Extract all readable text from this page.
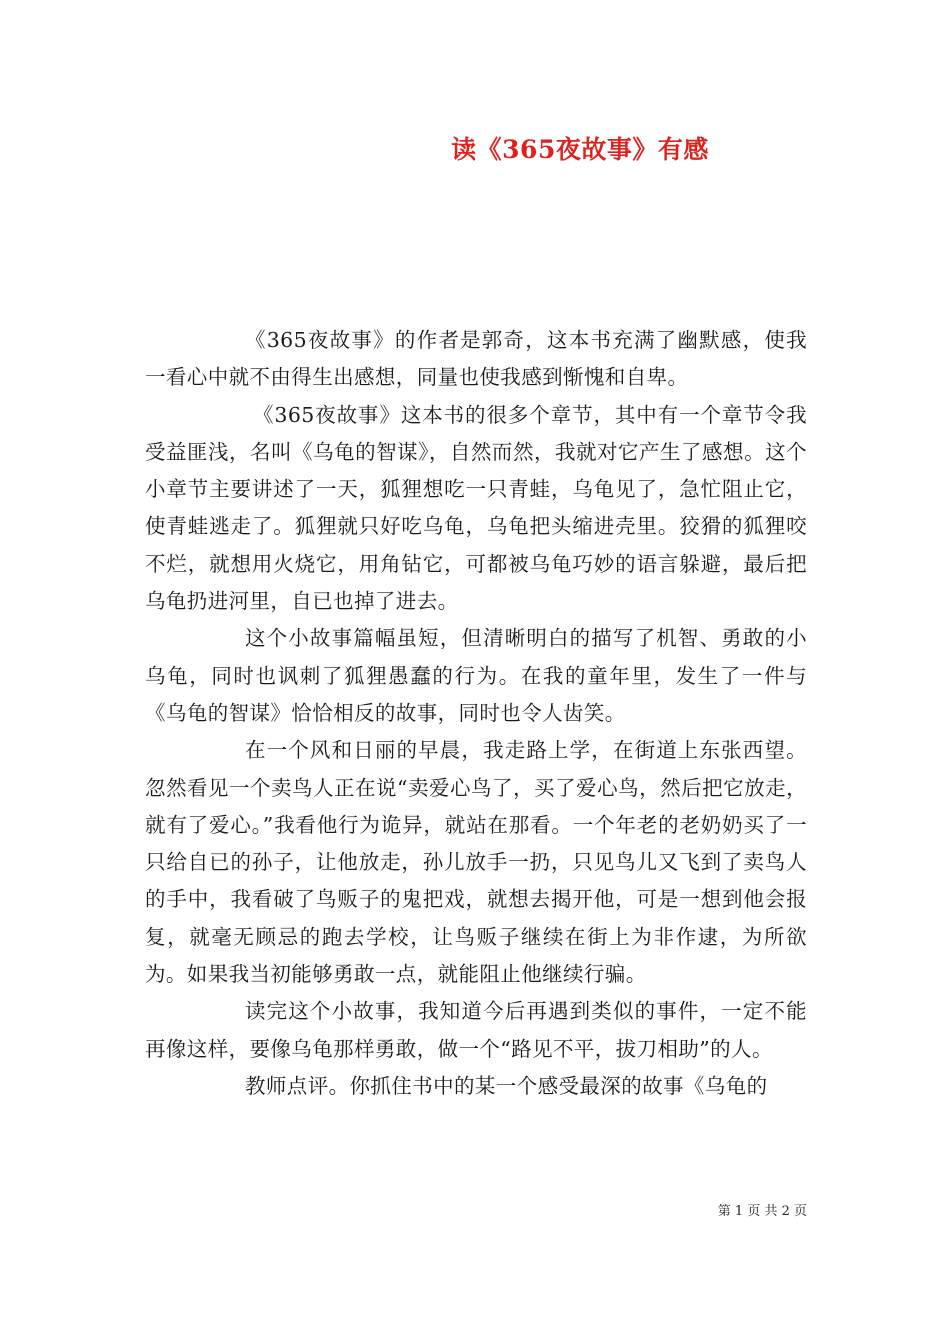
读《365夜故事》有感

《365夜故事》的作者是郭奇，这本书充满了幽默感，使我一看心中就不由得生出感想，同量也使我感到惭愧和自卑。

《365夜故事》这本书的很多个章节，其中有一个章节令我受益匪浅，名叫《乌龟的智谋》，自然而然，我就对它产生了感想。这个小章节主要讲述了一天，狐狸想吃一只青蛙，乌龟见了，急忙阻止它，使青蛙逃走了。狐狸就只好吃乌龟，乌龟把头缩进壳里。狡猾的狐狸咬不烂，就想用火烧它，用角钻它，可都被乌龟巧妙的语言躲避，最后把乌龟扔进河里，自已也掉了进去。

这个小故事篇幅虽短，但清晰明白的描写了机智、勇敢的小乌龟，同时也讽刺了狐狸愚蠢的行为。在我的童年里，发生了一件与《乌龟的智谋》恰恰相反的故事，同时也令人齿笑。

在一个风和日丽的早晨，我走路上学，在街道上东张西望。忽然看见一个卖鸟人正在说“卖爱心鸟了，买了爱心鸟，然后把它放走，就有了爱心。”我看他行为诡异，就站在那看。一个年老的老奶奶买了一只给自已的孙子，让他放走，孙儿放手一扔，只见鸟儿又飞到了卖鸟人的手中，我看破了鸟贩子的鬼把戏，就想去揭开他，可是一想到他会报复，就毫无顾忌的跑去学校，让鸟贩子继续在街上为非作逮，为所欲为。如果我当初能够勇敢一点，就能阻止他继续行骗。

读完这个小故事，我知道今后再遇到类似的事件，一定不能再像这样，要像乌龟那样勇敢，做一个“路见不平，拔刀相助”的人。

教师点评。你抓住书中的某一个感受最深的故事《乌龟的

第 1 页 共 2 页
